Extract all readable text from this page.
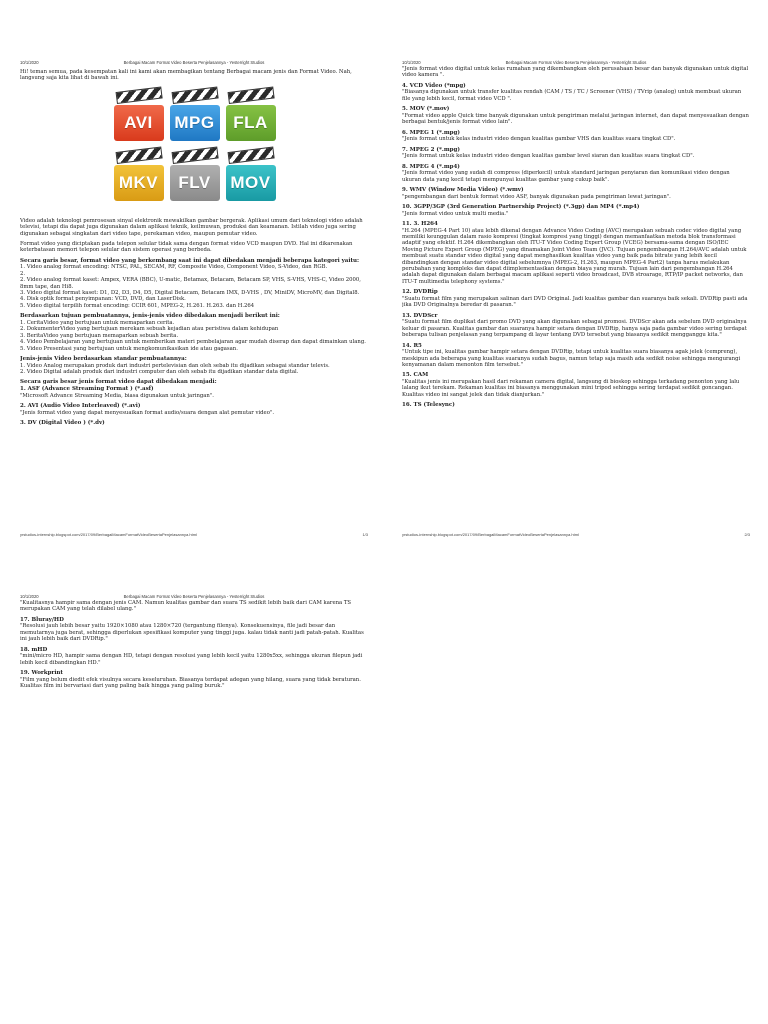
10/1/2020	Berbagai Macam Format Video Beserta Penjelasannya - Yesterright Studios

Hi! teman semua, pada kesempatan kali ini kami akan membagikan tentang Berbagai macam jenis dan Format Video. Nah, langsung saja kita lihat di bawah ini.

AVI	MPG	FLA
MKV	FLV	MOV

Video adalah teknologi pemrosesan sinyal elektronik mewakilkan gambar bergerak. Aplikasi umum dari teknologi video adalah televisi, tetapi dia dapat juga digunakan dalam aplikasi teknik, keilmuwan, produksi dan keamanan. Istilah video juga sering digunakan sebagai singkatan dari video tape, perekaman video, maupun pemutar video.

Format video yang diciptakan pada telepon selular tidak sama dengan format video VCD maupun DVD. Hal ini dikarenakan keterbatasan memori telepon selular dan sistem operasi yang berbeda.

Secara garis besar, format video yang berkembang saat ini dapat dibedakan menjadi beberapa kategori yaitu:
1. Video analog format encoding: NTSC, PAL, SECAM, RF, Composite Video, Component Video, S-Video, dan RGB.
2.
2. Video analog format kaset: Ampex, VERA (BBC), U-matic, Betamax, Betacam, Betacam SP, VHS, S-VHS, VHS-C, Video 2000, 8mm tape, dan Hi8.
3. Video digital format kaset: D1, D2, D3, D4, D5, Digital Betacam, Betacam IMX, D-VHS , DV, MiniDV, MicroMV, dan Digital8.
4. Disk optik format penyimpanan: VCD, DVD, dan LaserDisk.
5. Video digital terpilih format encoding: CCIR 601, MPEG-2, H.261. H.263. dan H.264
Berdasarkan tujuan pembuatannya, jenis-jenis video dibedakan menjadi berikut ini:
1. CeritaVideo yang bertujuan untuk memaparkan cerita.
2. DokumenterVideo yang bertujuan merekam sebuah kejadian atau peristiwa dalam kehidupan
3. BeritaVideo yang bertujuan memaparkan sebuah berita.
4. Video Pembelajaran yang bertujuan untuk memberikan materi pembelajaran agar mudah diserap dan dapat dimainkan ulang.
5. Video Presentasi yang bertujuan untuk mengkomunikasikan ide atau gagasan.
Jenis-jenis Video berdasarkan standar pembuatannya:
1. Video Analog merupakan produk dari industri pertelevisian dan oleh sebab itu dijadikan sebagai standar televis.
2. Video Digital adalah produk dari industri computer dan oleh sebab itu dijadikan standar data digital.
Secara garis besar jenis format video dapat dibedakan menjadi:
1. ASF (Advance Streaming Format ) (*.asf)
"Microsoft Advance Streaming Media, biasa digunakan untuk jaringan".
2. AVI (Audio Video Interleaved) (*.avi)
"Jenis format video yang dapat menyesuaikan format audio/suara dengan alat pemutar video".
3. DV (Digital Video ) (*.dv)
yrstudios-internship.blogspot.com/2017/09/BerbagaiMacamFormatVideoBesertaPenjelasannya.html	1/3
10/1/2020	Berbagai Macam Format Video Beserta Penjelasannya - Yesterright Studios

"Jenis format video digital untuk kelas rumahan yang dikembangkan oleh perusahaan besar dan banyak digunakan untuk digital video kamera ".

4. VCD Video (*mpg)
"Biasanya digunakan untuk transfer kualitas rendah (CAM / TS / TC / Screener (VHS) / TVrip (analog) untuk membuat ukuran file yang lebih kecil, format video VCD ".
5. MOV (*.mov)
"Format video apple Quick time banyak digunakan untuk pengiriman melalui jaringan internet, dan dapat menyesuaikan dengan berbagai bentuk/jenis format video lain".
6. MPEG 1 (*.mpg)
"Jenis format untuk kelas industri video dengan kualitas gambar VHS dan kualitas suara tingkat CD".
7. MPEG 2 (*.mpg)
"Jenis format untuk kelas industri video dengan kualitas gambar level siaran dan kualitas suara tingkat CD".
8. MPEG 4 (*.mp4)
"Jenis format video yang sudah di compress (diperkecil) untuk standard jaringan penyiaran dan komunikasi video dengan ukuran data yang kecil tetapi mempunyai kualitas gambar yang cukup baik".
9. WMV (Window Media Video) (*.wmv)
"pengembangan dari bentuk format video ASF, banyak digunakan pada pengiriman lewat jaringan".
10. 3GPP/3GP (3rd Generation Partnership Project) (*.3gp) dan MP4 (*.mp4)
"Jenis format video untuk multi media."
11. 3. H264
"H.264 (MPEG-4 Part 10) atau lebih dikenal dengan Advance Video Coding (AVC) merupakan sebuah codec video digital yang memiliki keunggulan dalam rasio kompresi (tingkat kompresi yang tinggi) dengan memanfaatkan metoda blok transformasi adaptif yang efektif. H.264 dikembangkan oleh ITU-T Video Coding Expert Group (VCEG) bersama-sama dengan ISO/IEC Moving Picture Expert Group (MPEG) yang dinamakan Joint Video Team (JVC). Tujuan pengembangan H.264/AVC adalah untuk membuat suatu standar video digital yang dapat menghasilkan kualitas video yang baik pada bitrate yang lebih kecil dibandingkan dengan standar video digital sebelumnya (MPEG-2, H.263, maupun MPEG-4 Part2) tanpa harus melakukan perubahan yang kompleks dan dapat diimplementasikan dengan biaya yang murah. Tujuan lain dari pengembangan H.264 adalah dapat digunakan dalam berbagai macam aplikasi seperti video broadcast, DVB stroarage, RTP/IP packet networks, dan ITU-T multimedia telephony systems."
12. DVDRip
"Suatu format film yang merupakan salinan dari DVD Original. Jadi kualitas gambar dan suaranya baik sekali. DVDRip pasti ada jika DVD Originalnya beredar di pasaran."
13. DVDScr
"Suatu format film duplikat dari promo DVD yang akan digunakan sebagai promosi. DVDScr akan ada sebelum DVD originalnya keluar di pasaran. Kualitas gambar dan suaranya hampir setara dengan DVDRip, hanya saja pada gambar video sering terdapat beberapa tulisan penjelasan yang terpampang di layar tentang DVD tersebut yang biasanya sedikit mengganggu kita."
14. R5
"Untuk tipe ini, kualitas gambar hampir setara dengan DVDRip, tetapi untuk kualitas suara biasanya agak jelek (cempreng), meskipun ada beberapa yang kualitas suaranya sudah bagus, namun tetap saja masih ada sedikit noise sehingga mengurangi kenyamanan dalam menonton film tersebut."
15. CAM
"Kualitas jenis ini merupakan hasil dari rekaman camera digital, langsung di bioskop sehingga terkadang penonton yang lalu lalang ikut terekam. Rekaman kualitas ini biasanya menggunakan mini tripod sehingga sering terdapat sedikit goncangan. Kualitas video ini sangat jelek dan tidak dianjurkan."
16. TS (Telesync)
yrstudios-internship.blogspot.com/2017/09/BerbagaiMacamFormatVideoBesertaPenjelasannya.html	2/3
10/1/2020	Berbagai Macam Format Video Beserta Penjelasannya - Yesterright Studios

"Kualitasnya hampir sama dengan jenis CAM. Namun kualitas gambar dan suara TS sedikit lebih baik dari CAM karena TS merupakan CAM yang telah dilabel ulang."

17. Bluray/HD
"Resolusi jauh lebih besar yaitu 1920×1080 atau 1280×720 (tergantung filenya). Konsekuensinya, file jadi besar dan memutarnya juga berat, sehingga diperlukan spesifikasi komputer yang tinggi juga. kalau tidak nanti jadi patah-patah. Kualitas ini jauh lebih baik dari DVDRip."
18. mHD
"mini/micro HD, hampir sama dengan HD, tetapi dengan resolusi yang lebih kecil yaitu 1280x5xx, sehingga ukuran filepun jadi lebih kecil dibandingkan HD."
19. Workprint
"Film yang belum diedit efek visulnya secara keseluruhan. Biasanya terdapat adegan yang hilang, suara yang tidak beraturan. Kualitas film ini bervariasi dari yang paling baik hingga yang paling buruk."
